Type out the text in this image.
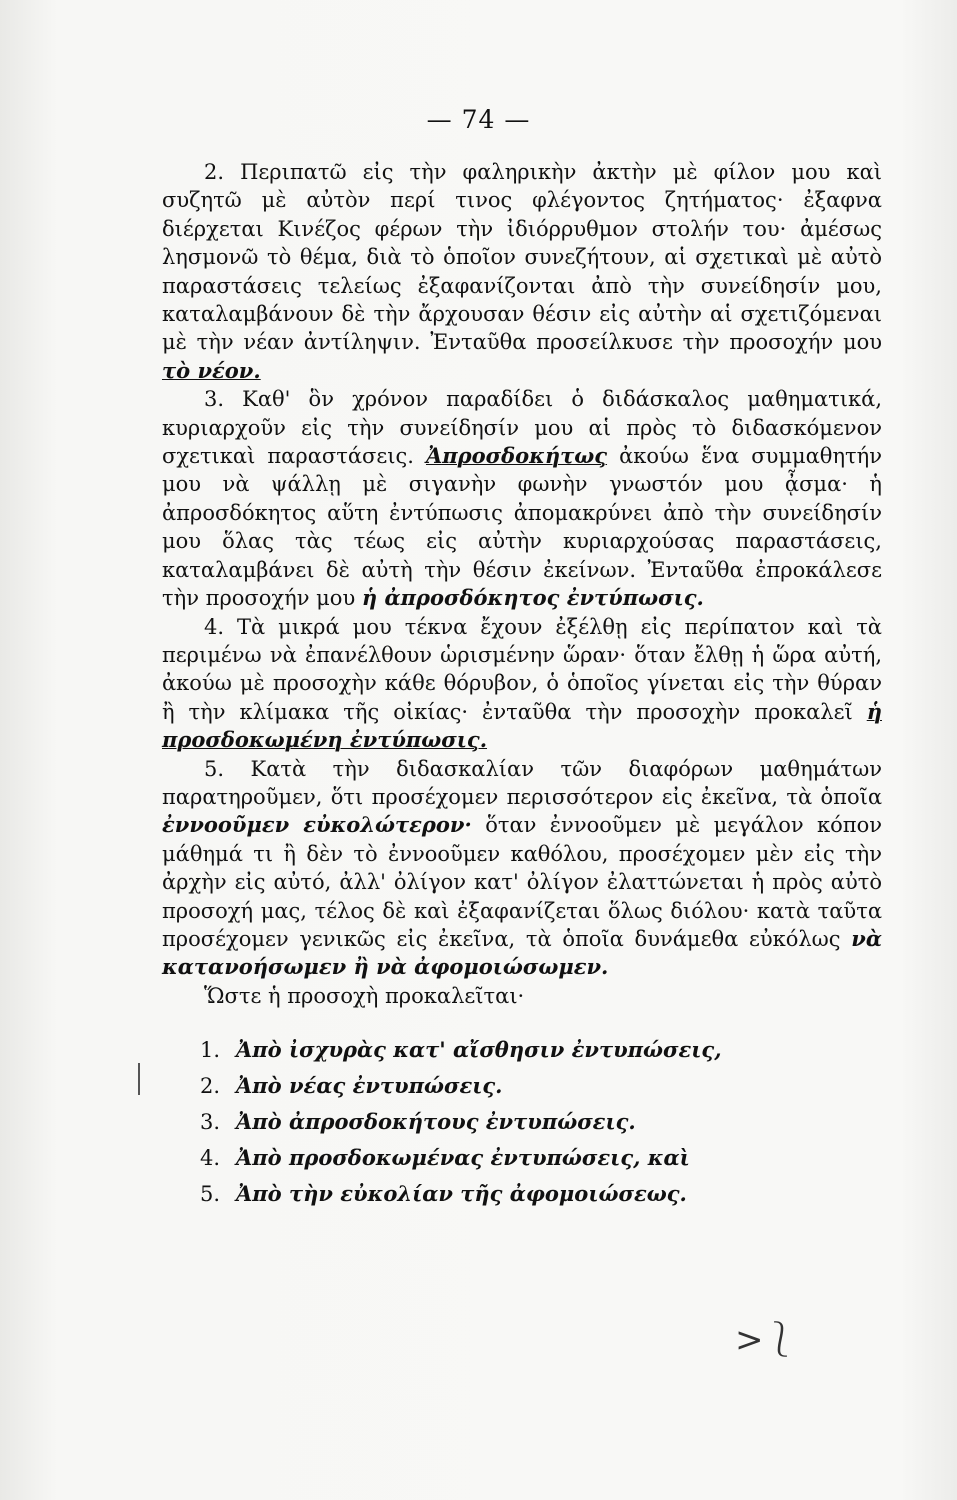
— 74 —

2. Περιπατῶ εἰς τὴν φαληρικὴν ἀκτὴν μὲ φίλον μου καὶ συζητῶ μὲ αὐτὸν περί τινος φλέγοντος ζητήματος· ἐξαφνα διέρχεται Κινέζος φέρων τὴν ἰδιόρρυθμον στολήν του· ἀμέσως λησμονῶ τὸ θέμα, διὰ τὸ ὁποῖον συνεζήτουν, αἱ σχετικαὶ μὲ αὐτὸ παραστάσεις τελείως ἐξαφανίζονται ἀπὸ τὴν συνείδησίν μου, καταλαμβάνουν δὲ τὴν ἄρχουσαν θέσιν εἰς αὐτὴν αἱ σχετιζόμεναι μὲ τὴν νέαν ἀντίληψιν. Ἐνταῦθα προσείλκυσε τὴν προσοχήν μου τὸ νέον.

3. Καθ' ὃν χρόνον παραδίδει ὁ διδάσκαλος μαθηματικά, κυριαρχοῦν εἰς τὴν συνείδησίν μου αἱ πρὸς τὸ διδασκόμενον σχετικαὶ παραστάσεις. Ἀπροσδοκήτως ἀκούω ἕνα συμμαθητήν μου νὰ ψάλλῃ μὲ σιγανὴν φωνὴν γνωστόν μου ᾆσμα· ἡ ἀπροσδόκητος αὕτη ἐντύπωσις ἀπομακρύνει ἀπὸ τὴν συνείδησίν μου ὅλας τὰς τέως εἰς αὐτὴν κυριαρχούσας παραστάσεις, καταλαμβάνει δὲ αὐτὴ τὴν θέσιν ἐκείνων. Ἐνταῦθα ἐπροκάλεσε τὴν προσοχήν μου ἡ ἀπροσδόκητος ἐντύπωσις.

4. Τὰ μικρά μου τέκνα ἔχουν ἐξέλθῃ εἰς περίπατον καὶ τὰ περιμένω νὰ ἐπανέλθουν ὡρισμένην ὥραν· ὅταν ἔλθῃ ἡ ὥρα αὐτή, ἀκούω μὲ προσοχὴν κάθε θόρυβον, ὁ ὁποῖος γίνεται εἰς τὴν θύραν ἢ τὴν κλίμακα τῆς οἰκίας· ἐνταῦθα τὴν προσοχὴν προκαλεῖ ἡ προσδοκωμένη ἐντύπωσις.

5. Κατὰ τὴν διδασκαλίαν τῶν διαφόρων μαθημάτων παρατηροῦμεν, ὅτι προσέχομεν περισσότερον εἰς ἐκεῖνα, τὰ ὁποῖα ἐννοοῦμεν εὐκολώτερον· ὅταν ἐννοοῦμεν μὲ μεγάλον κόπον μάθημά τι ἢ δὲν τὸ ἐννοοῦμεν καθόλου, προσέχομεν μὲν εἰς τὴν ἀρχὴν εἰς αὐτό, ἀλλ' ὀλίγον κατ' ὀλίγον ἐλαττώνεται ἡ πρὸς αὐτὸ προσοχή μας, τέλος δὲ καὶ ἐξαφανίζεται ὅλως διόλου· κατὰ ταῦτα προσέχομεν γενικῶς εἰς ἐκεῖνα, τὰ ὁποῖα δυνάμεθα εὐκόλως νὰ κατανοήσωμεν ἢ νὰ ἀφομοιώσωμεν.

Ὥστε ἡ προσοχὴ προκαλεῖται·

1. Ἀπὸ ἰσχυρὰς κατ' αἴσθησιν ἐντυπώσεις,
2. Ἀπὸ νέας ἐντυπώσεις.
3. Ἀπὸ ἀπροσδοκήτους ἐντυπώσεις.
4. Ἀπὸ προσδοκωμένας ἐντυπώσεις, καὶ
5. Ἀπὸ τὴν εὐκολίαν τῆς ἀφομοιώσεως.
>⎱
